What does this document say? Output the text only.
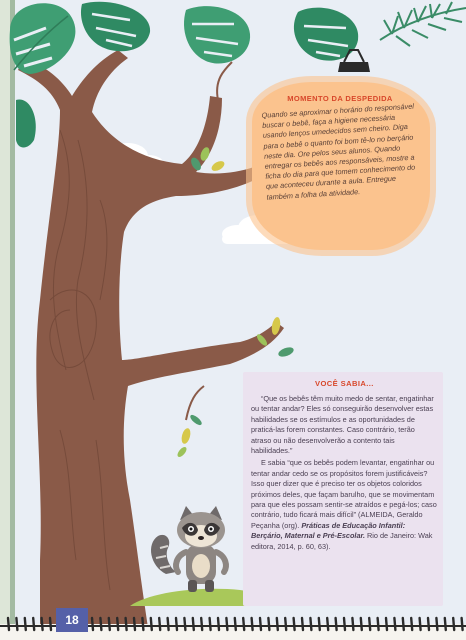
MOMENTO DA DESPEDIDA
Quando se aproximar o horário do responsável buscar o bebê, faça a higiene necessária usando lenços umedecidos sem cheiro. Diga para o bebê o quanto foi bom tê-lo no berçário neste dia. Ore pelos seus alunos. Quando entregar os bebês aos responsáveis, mostre a ficha do dia para que tomem conhecimento do que aconteceu durante a aula. Entregue também a folha da atividade.
VOCÊ SABIA...

“Que os bebês têm muito medo de sentar, engatinhar ou tentar andar? Eles só conseguirão desenvolver estas habilidades se os estímulos e as oportunidades de praticá-las forem constantes. Caso contrário, terão atraso ou não desenvolverão a contento tais habilidades.”

E sabia “que os bebês podem levantar, engatinhar ou tentar andar cedo se os propósitos forem justificáveis? Isso quer dizer que é preciso ter os objetos coloridos próximos deles, que façam barulho, que se movimentam para que eles possam sentir-se atraídos e pegá-los; caso contrário, tudo ficará mais difícil” (ALMEIDA, Geraldo Peçanha (org). Práticas de Educação Infantil: Berçário, Maternal e Pré-Escolar. Rio de Janeiro: Wak editora, 2014, p. 60, 63).

18
